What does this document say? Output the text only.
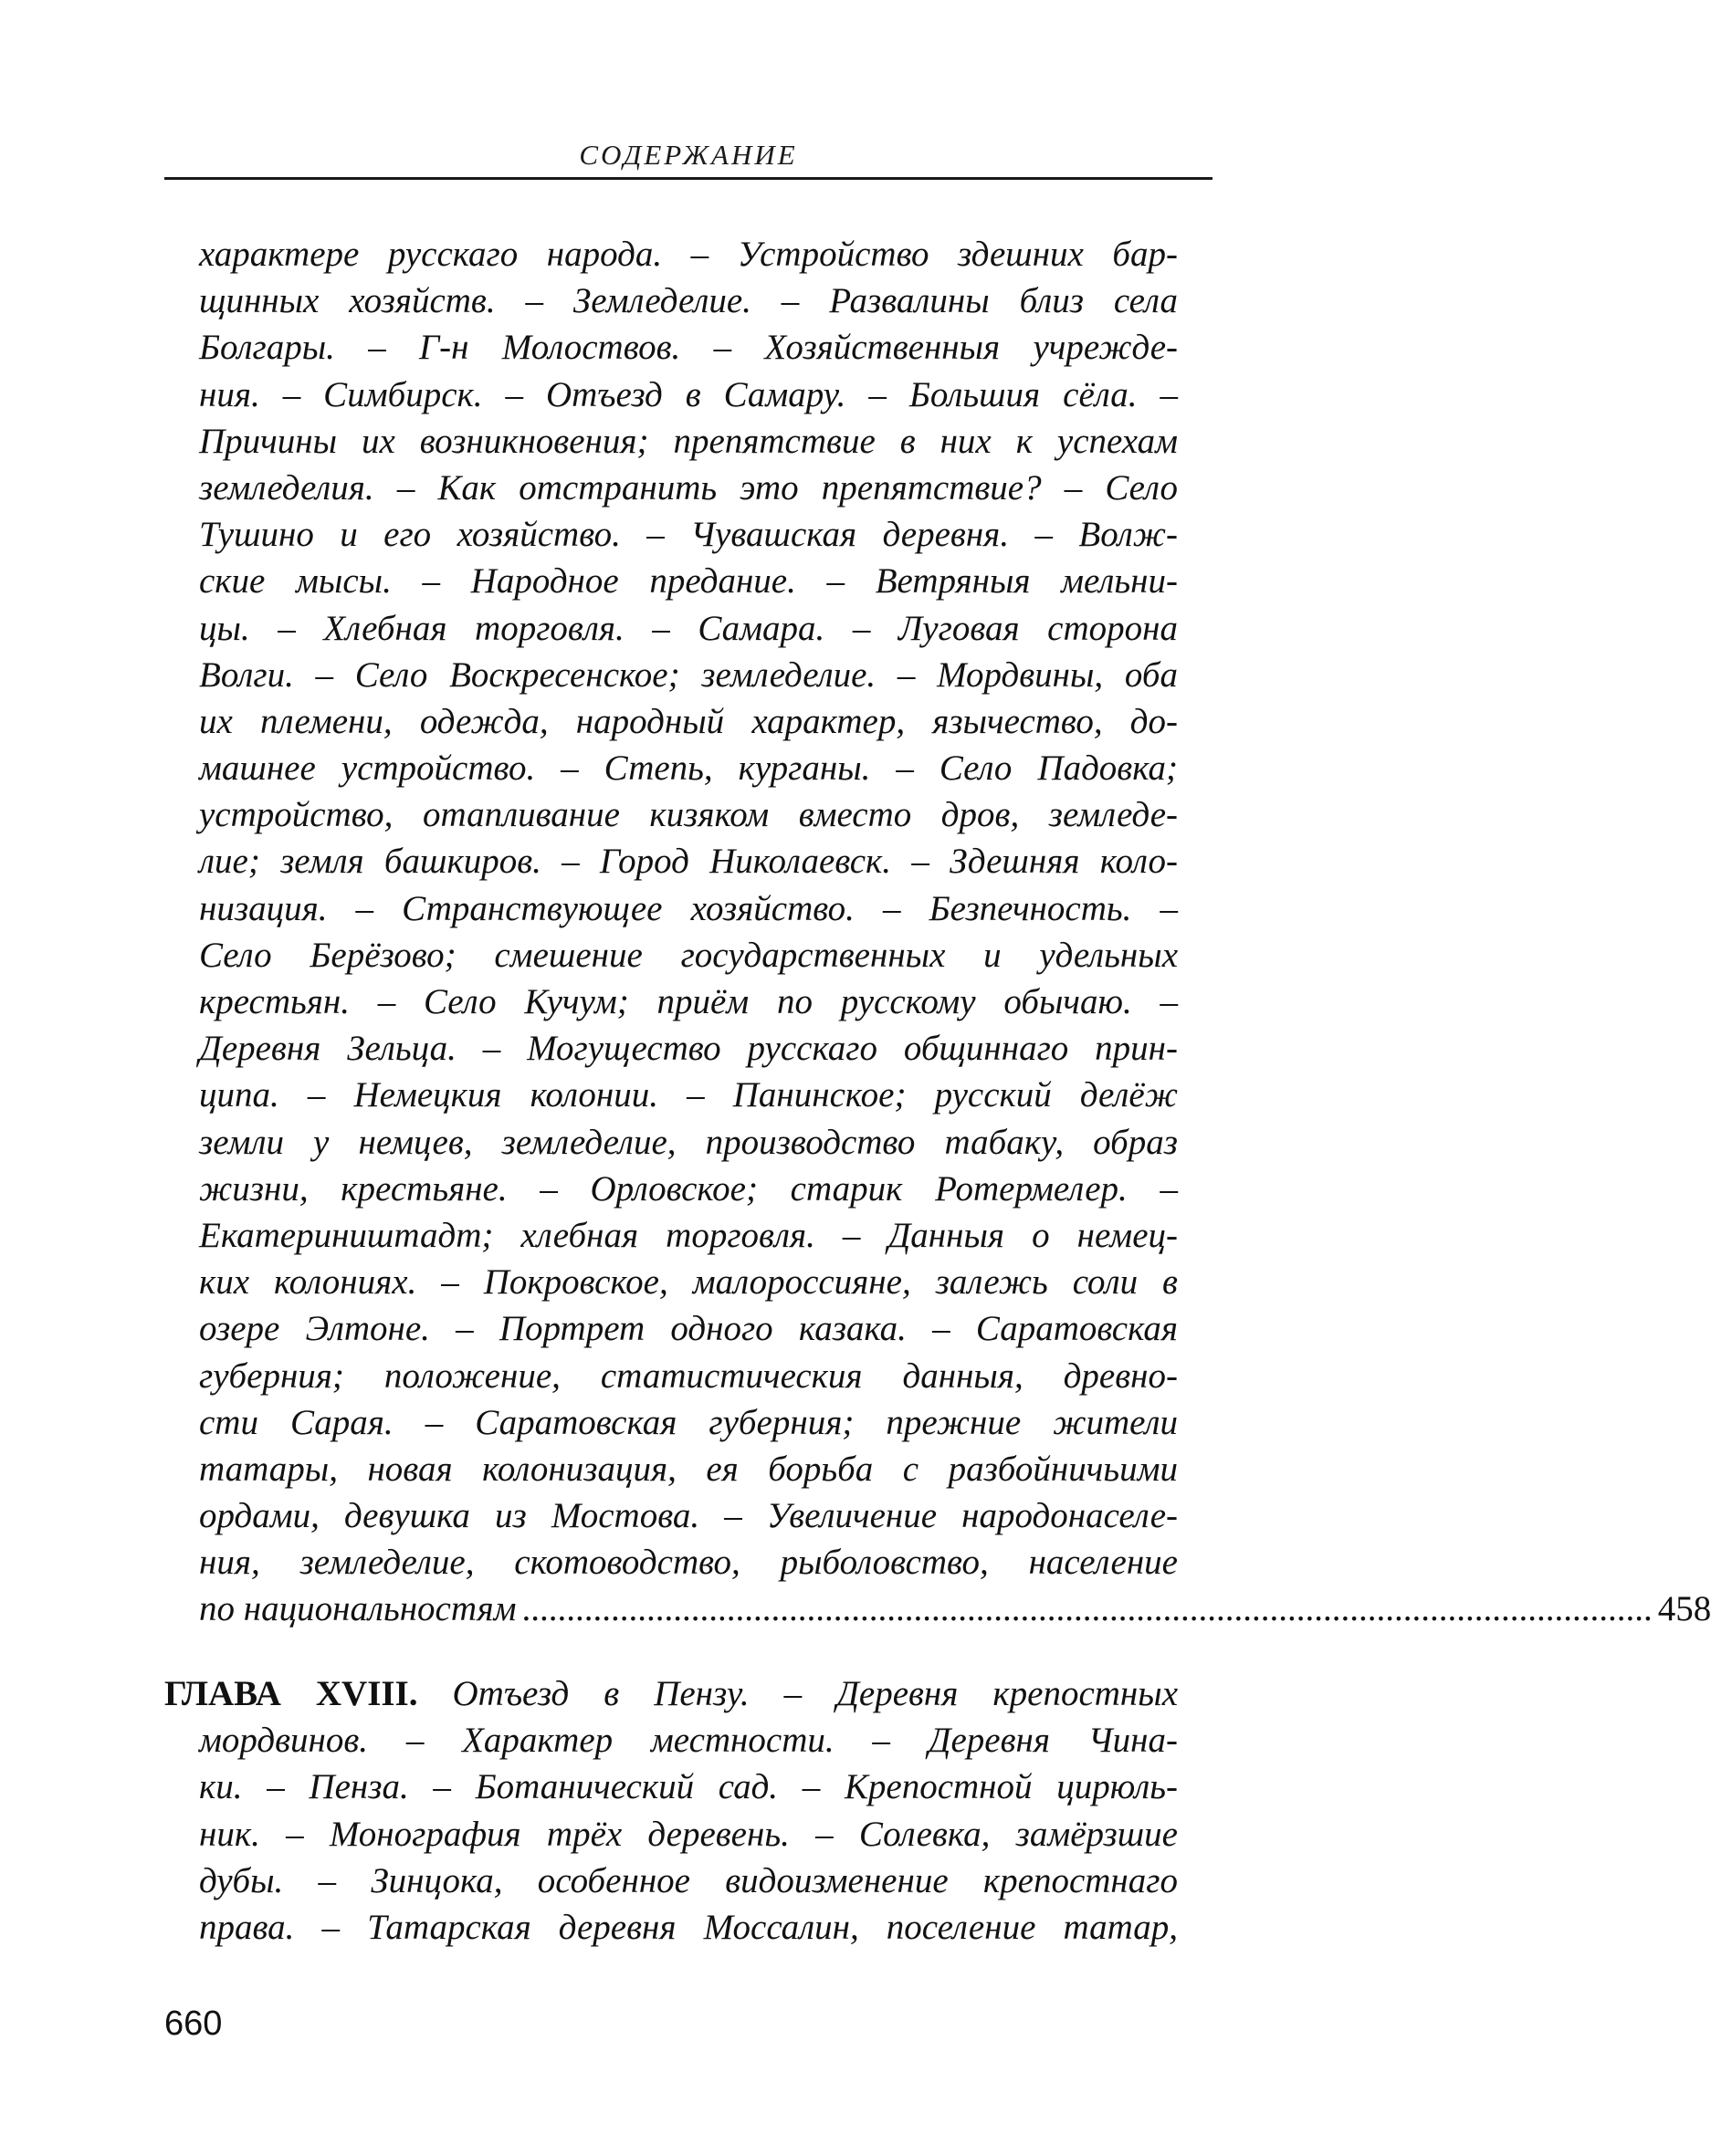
СОДЕРЖАНИЕ
характере русскаго народа. – Устройство здешних бар-
щинных хозяйств. – Земледелие. – Развалины близ села
Болгары. – Г-н Молоствов. – Хозяйственныя учрежде-
ния. – Симбирск. – Отъезд в Самару. – Большия сёла. –
Причины их возникновения; препятствие в них к успехам
земледелия. – Как отстранить это препятствие? – Село
Тушино и его хозяйство. – Чувашская деревня. – Волж-
ские мысы. – Народное предание. – Ветряныя мельни-
цы. – Хлебная торговля. – Самара. – Луговая сторона
Волги. – Село Воскресенское; земледелие. – Мордвины, оба
их племени, одежда, народный характер, язычество, до-
машнее устройство. – Степь, курганы. – Село Падовка;
устройство, отапливание кизяком вместо дров, земледе-
лие; земля башкиров. – Город Николаевск. – Здешняя коло-
низация. – Странствующее хозяйство. – Безпечность. –
Село Берёзово; смешение государственных и удельных
крестьян. – Село Кучум; приём по русскому обычаю. –
Деревня Зельца. – Могущество русскаго общиннаго прин-
ципа. – Немецкия колонии. – Панинское; русский делёж
земли у немцев, земледелие, производство табаку, образ
жизни, крестьяне. – Орловское; старик Ротермелер. –
Екатериништадт; хлебная торговля. – Данныя о немец-
ких колониях. – Покровское, малороссияне, залежь соли в
озере Элтоне. – Портрет одного казака. – Саратовская
губерния; положение, статистическия данныя, древно-
сти Сарая. – Саратовская губерния; прежние жители
татары, новая колонизация, ея борьба с разбойничьими
ордами, девушка из Мостова. – Увеличение народонаселе-
ния, земледелие, скотоводство, рыболовство, население
по национальностям ............................................................................................................................... 458
ГЛАВА XVIII. Отъезд в Пензу. – Деревня крепостных
мордвинов. – Характер местности. – Деревня Чина-
ки. – Пенза. – Ботанический сад. – Крепостной цирюль-
ник. – Монография трёх деревень. – Солевка, замёрзшие
дубы. – Зинцока, особенное видоизменение крепостнаго
права. – Татарская деревня Моссалин, поселение татар,
660
